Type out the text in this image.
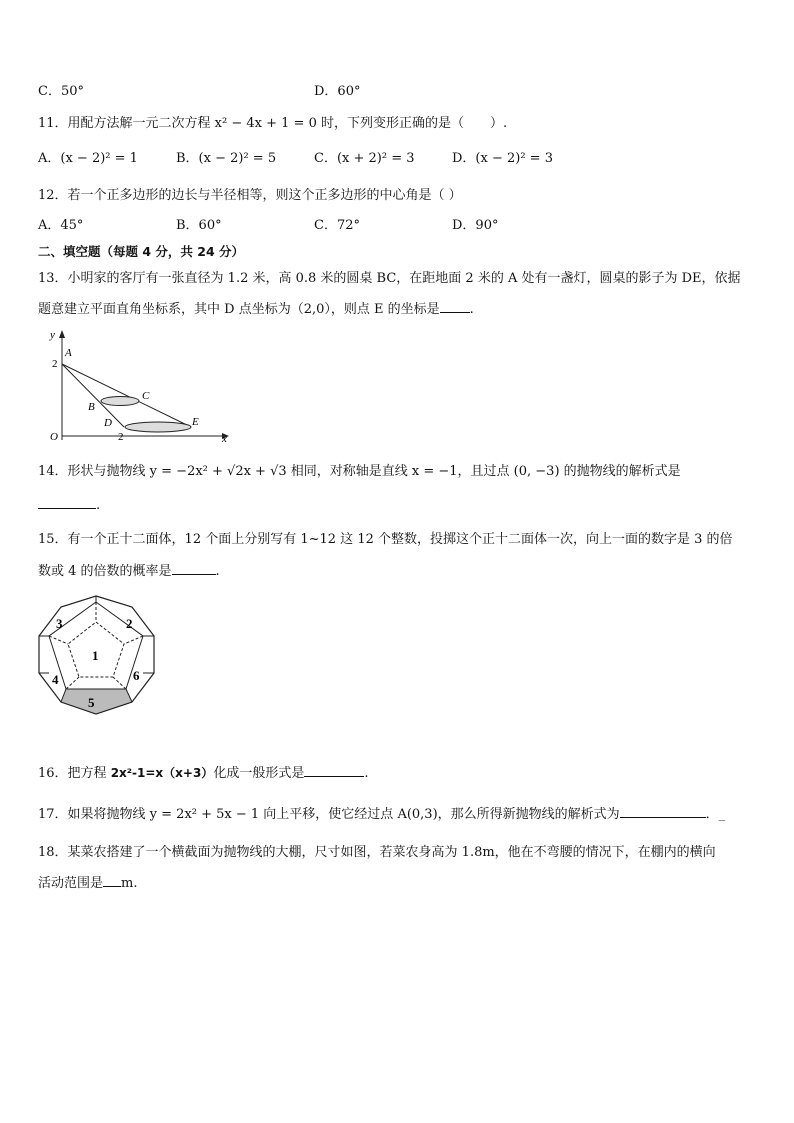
C．50°	D．60°
11．用配方法解一元二次方程 x² − 4x + 1 = 0 时，下列变形正确的是（　　）.
A．(x − 2)² = 1	B．(x − 2)² = 5	C．(x + 2)² = 3	D．(x − 2)² = 3
12．若一个正多边形的边长与半径相等，则这个正多边形的中心角是（ ）
A．45°	B．60°	C．72°	D．90°
二、填空题（每题 4 分，共 24 分）
13．小明家的客厅有一张直径为 1.2 米，高 0.8 米的圆桌 BC，在距地面 2 米的 A 处有一盏灯，圆桌的影子为 DE，依据
题意建立平面直角坐标系，其中 D 点坐标为（2,0），则点 E 的坐标是 .
y
x
A
2
B
C
D	E
O	2
14．形状与抛物线 y = −2x² + √2x + √3 相同，对称轴是直线 x = −1，且过点 (0, −3) 的抛物线的解析式是
.
15．有一个正十二面体，12 个面上分别写有 1~12 这 12 个整数，投掷这个正十二面体一次，向上一面的数字是 3 的倍
数或 4 的倍数的概率是	.
1
2
3
4
5
6
16．把方程 2x²-1=x（x+3）化成一般形式是	.
17．如果将抛物线 y = 2x² + 5x − 1 向上平移，使它经过点 A(0,3)，那么所得新抛物线的解析式为	．_
18．某菜农搭建了一个横截面为抛物线的大棚，尺寸如图，若菜农身高为 1.8m，他在不弯腰的情况下，在棚内的横向
活动范围是 m.
